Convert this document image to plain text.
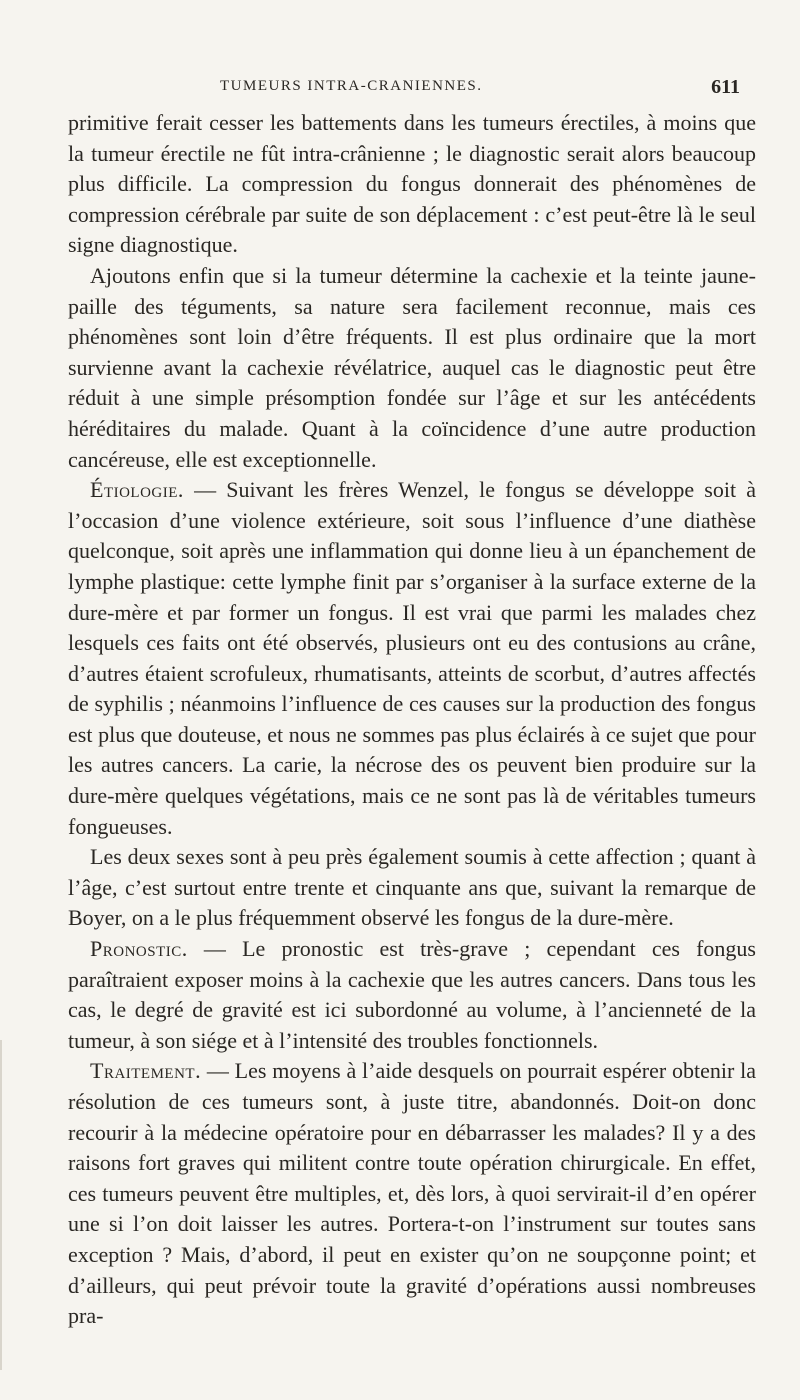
TUMEURS INTRA-CRANIENNES.	611

primitive ferait cesser les battements dans les tumeurs érectiles, à moins que la tumeur érectile ne fût intra-crânienne ; le diagnostic serait alors beaucoup plus difficile. La compression du fongus donnerait des phénomènes de compression cérébrale par suite de son déplacement : c’est peut-être là le seul signe diagnostique.

Ajoutons enfin que si la tumeur détermine la cachexie et la teinte jaune-paille des téguments, sa nature sera facilement reconnue, mais ces phénomènes sont loin d’être fréquents. Il est plus ordinaire que la mort survienne avant la cachexie révélatrice, auquel cas le diagnostic peut être réduit à une simple présomption fondée sur l’âge et sur les antécédents héréditaires du malade. Quant à la coïncidence d’une autre production cancéreuse, elle est exceptionnelle.

Étiologie. — Suivant les frères Wenzel, le fongus se développe soit à l’occasion d’une violence extérieure, soit sous l’influence d’une diathèse quelconque, soit après une inflammation qui donne lieu à un épanchement de lymphe plastique: cette lymphe finit par s’organiser à la surface externe de la dure-mère et par former un fongus. Il est vrai que parmi les malades chez lesquels ces faits ont été observés, plusieurs ont eu des contusions au crâne, d’autres étaient scrofuleux, rhumatisants, atteints de scorbut, d’autres affectés de syphilis ; néanmoins l’influence de ces causes sur la production des fongus est plus que douteuse, et nous ne sommes pas plus éclairés à ce sujet que pour les autres cancers. La carie, la nécrose des os peuvent bien produire sur la dure-mère quelques végétations, mais ce ne sont pas là de véritables tumeurs fongueuses.

Les deux sexes sont à peu près également soumis à cette affection ; quant à l’âge, c’est surtout entre trente et cinquante ans que, suivant la remarque de Boyer, on a le plus fréquemment observé les fongus de la dure-mère.

Pronostic. — Le pronostic est très-grave ; cependant ces fongus paraîtraient exposer moins à la cachexie que les autres cancers. Dans tous les cas, le degré de gravité est ici subordonné au volume, à l’ancienneté de la tumeur, à son siége et à l’intensité des troubles fonctionnels.

Traitement. — Les moyens à l’aide desquels on pourrait espérer obtenir la résolution de ces tumeurs sont, à juste titre, abandonnés. Doit-on donc recourir à la médecine opératoire pour en débarrasser les malades? Il y a des raisons fort graves qui militent contre toute opération chirurgicale. En effet, ces tumeurs peuvent être multiples, et, dès lors, à quoi servirait-il d’en opérer une si l’on doit laisser les autres. Portera-t-on l’instrument sur toutes sans exception ? Mais, d’abord, il peut en exister qu’on ne soupçonne point; et d’ailleurs, qui peut prévoir toute la gravité d’opérations aussi nombreuses pra-
